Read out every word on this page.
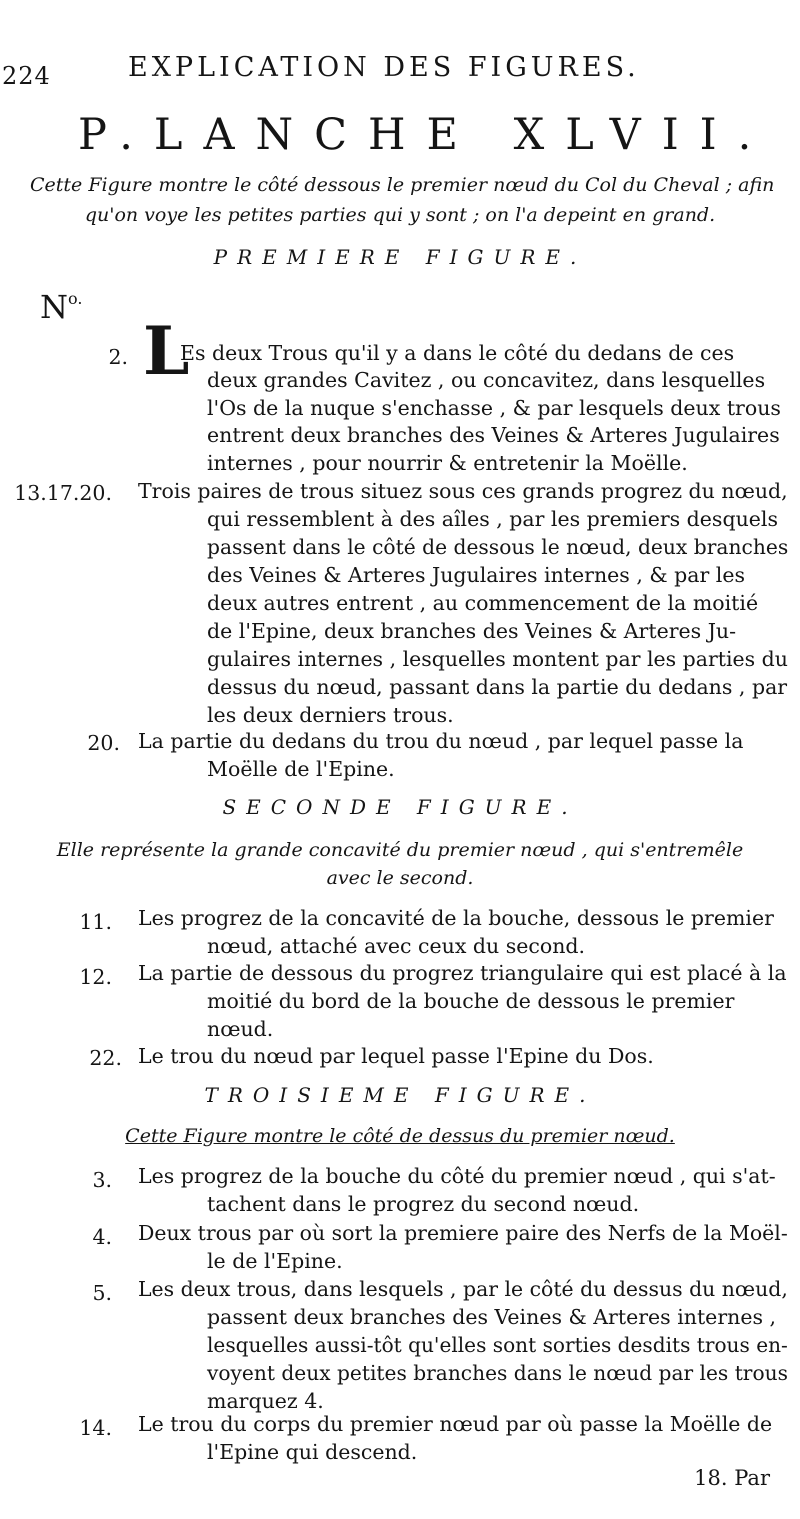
224	EXPLICATION DES FIGURES.
P.LANCHE XLVII.
Cette Figure montre le côté dessous le premier nœud du Col du Cheval ; afin
qu'on voye les petites parties qui y sont ; on l'a depeint en grand.
PREMIERE FIGURE.
$N^{o.}$
2. L
Es deux Trous qu'il y a dans le côté du dedans de ces
deux grandes Cavitez , ou concavitez, dans lesquelles
l'Os de la nuque s'enchasse , & par lesquels deux trous
entrent deux branches des Veines & Arteres Jugulaires
internes , pour nourrir & entretenir la Moëlle.
13.17.20. Trois paires de trous situez sous ces grands progrez du nœud,
qui ressemblent à des aîles , par les premiers desquels
passent dans le côté de dessous le nœud, deux branches
des Veines & Arteres Jugulaires internes , & par les
deux autres entrent , au commencement de la moitié
de l'Epine, deux branches des Veines & Arteres Ju-
gulaires internes , lesquelles montent par les parties du
dessus du nœud, passant dans la partie du dedans , par
les deux derniers trous.
20. La partie du dedans du trou du nœud , par lequel passe la
Moëlle de l'Epine.
SECONDE FIGURE.
Elle représente la grande concavité du premier nœud , qui s'entremêle
avec le second.
11. Les progrez de la concavité de la bouche, dessous le premier
nœud, attaché avec ceux du second.
12. La partie de dessous du progrez triangulaire qui est placé à la
moitié du bord de la bouche de dessous le premier
nœud.
22. Le trou du nœud par lequel passe l'Epine du Dos.
TROISIEME FIGURE.
Cette Figure montre le côté de dessus du premier nœud.
3. Les progrez de la bouche du côté du premier nœud , qui s'at-
tachent dans le progrez du second nœud.
4. Deux trous par où sort la premiere paire des Nerfs de la Moël-
le de l'Epine.
5. Les deux trous, dans lesquels , par le côté du dessus du nœud,
passent deux branches des Veines & Arteres internes ,
lesquelles aussi-tôt qu'elles sont sorties desdits trous en-
voyent deux petites branches dans le nœud par les trous
marquez 4.
14. Le trou du corps du premier nœud par où passe la Moëlle de
l'Epine qui descend.
18. Par
